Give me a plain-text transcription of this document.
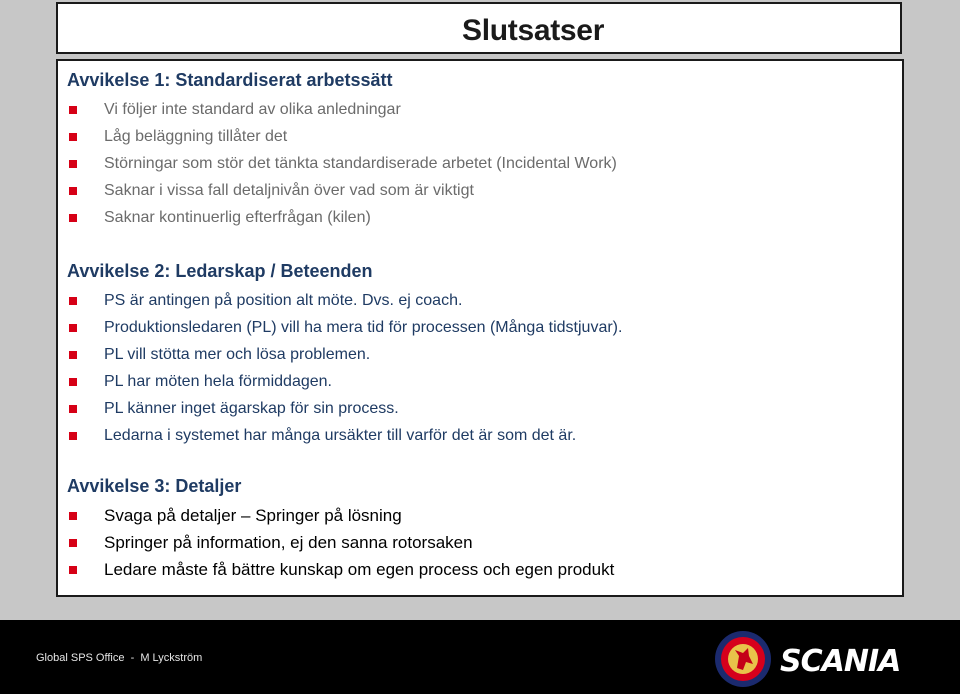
Slutsatser
Avvikelse 1: Standardiserat arbetssätt
Vi följer inte standard av olika anledningar
Låg beläggning tillåter det
Störningar som stör det tänkta standardiserade arbetet (Incidental Work)
Saknar i vissa fall detaljnivån över vad som är viktigt
Saknar kontinuerlig efterfrågan (kilen)
Avvikelse 2: Ledarskap / Beteenden
PS är antingen på position alt möte. Dvs. ej coach.
Produktionsledaren (PL) vill ha mera tid för processen (Många tidstjuvar).
PL vill stötta mer och lösa problemen.
PL har möten hela förmiddagen.
PL känner inget ägarskap för sin process.
Ledarna i systemet har många ursäkter till varför det är som det är.
Avvikelse 3: Detaljer
Svaga på detaljer – Springer på lösning
Springer på information, ej den sanna rotorsaken
Ledare måste få bättre kunskap om egen process och egen produkt
Global SPS Office  -  M Lyckström	SCANIA
